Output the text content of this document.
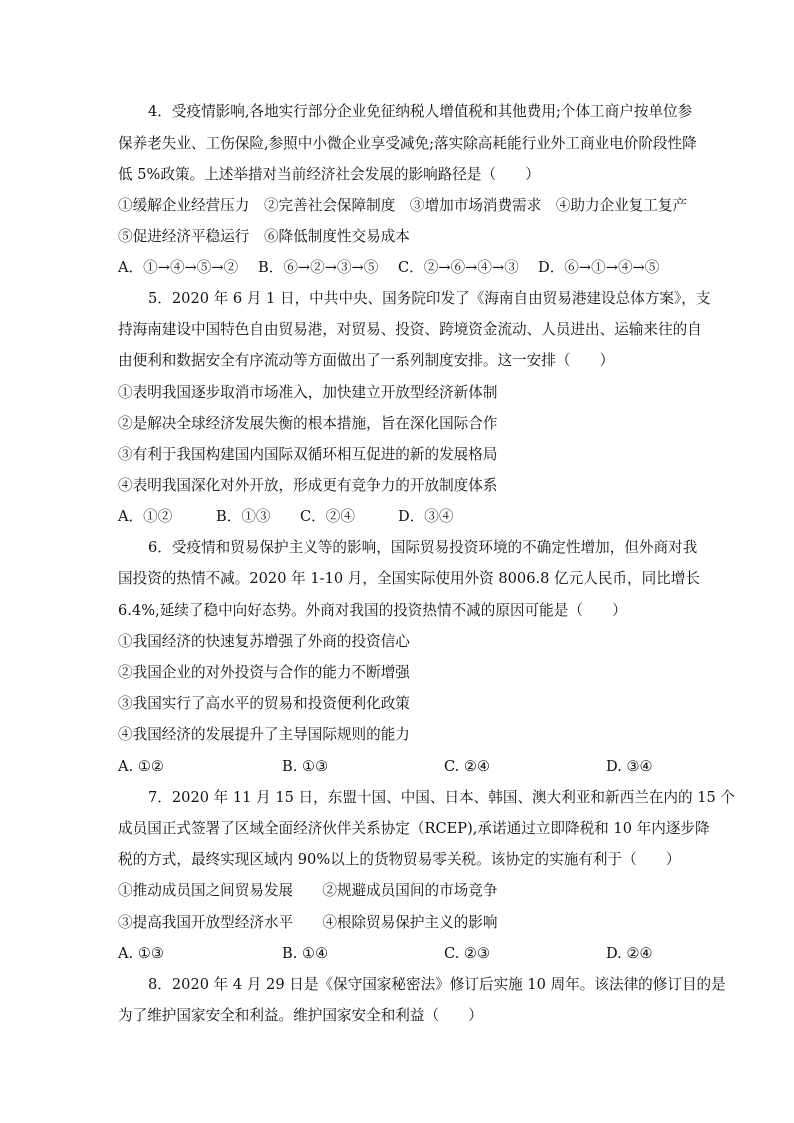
4．受疫情影响,各地实行部分企业免征纳税人增值税和其他费用;个体工商户按单位参
保养老失业、工伤保险,参照中小微企业享受减免;落实除高耗能行业外工商业电价阶段性降
低 5%政策。上述举措对当前经济社会发展的影响路径是（　　）
①缓解企业经营压力　②完善社会保障制度　③增加市场消费需求　④助力企业复工复产
⑤促进经济平稳运行　⑥降低制度性交易成本
A．①→④→⑤→② B．⑥→②→③→⑤ C．②→⑥→④→③ D．⑥→①→④→⑤
5．2020 年 6 月 1 日，中共中央、国务院印发了《海南自由贸易港建设总体方案》，支
持海南建设中国特色自由贸易港，对贸易、投资、跨境资金流动、人员进出、运输来往的自
由便利和数据安全有序流动等方面做出了一系列制度安排。这一安排（　　）
①表明我国逐步取消市场准入，加快建立开放型经济新体制
②是解决全球经济发展失衡的根本措施，旨在深化国际合作
③有利于我国构建国内国际双循环相互促进的新的发展格局
④表明我国深化对外开放，形成更有竞争力的开放制度体系
A．①②	B．①③ C．②④	D．③④
6．受疫情和贸易保护主义等的影响，国际贸易投资环境的不确定性增加，但外商对我
国投资的热情不减。2020 年 1-10 月，全国实际使用外资 8006.8 亿元人民币，同比增长
6.4%,延续了稳中向好态势。外商对我国的投资热情不减的原因可能是（　　）
①我国经济的快速复苏增强了外商的投资信心
②我国企业的对外投资与合作的能力不断增强
③我国实行了高水平的贸易和投资便利化政策
④我国经济的发展提升了主导国际规则的能力
A. ①②	B. ①③	C. ②④	D. ③④
7．2020 年 11 月 15 日，东盟十国、中国、日本、韩国、澳大利亚和新西兰在内的 15 个
成员国正式签署了区域全面经济伙伴关系协定（RCEP),承诺通过立即降税和 10 年内逐步降
税的方式，最终实现区域内 90%以上的货物贸易零关税。该协定的实施有利于（　　）
①推动成员国之间贸易发展　　②规避成员国间的市场竞争
③提高我国开放型经济水平　　④根除贸易保护主义的影响
A. ①③	B. ①④	C. ②③	D. ②④
8．2020 年 4 月 29 日是《保守国家秘密法》修订后实施 10 周年。该法律的修订目的是
为了维护国家安全和利益。维护国家安全和利益（　　）
